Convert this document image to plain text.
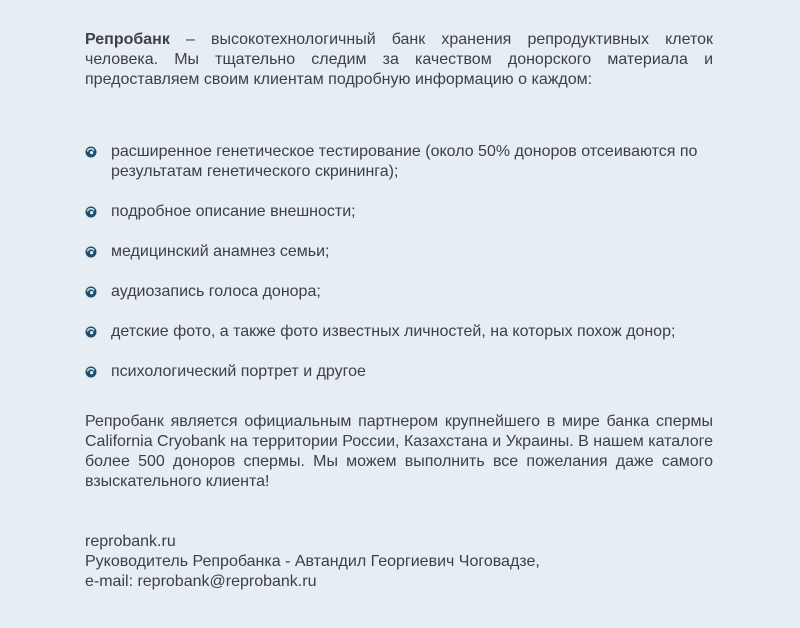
Репробанк – высокотехнологичный банк хранения репродуктивных клеток человека. Мы тщательно следим за качеством донорского материала и предоставляем своим клиентам подробную информацию о каждом:

расширенное генетическое тестирование (около 50% доноров отсеиваются по результатам генетического скрининга);
подробное описание внешности;
медицинский анамнез семьи;
аудиозапись голоса донора;
детские фото, а также фото известных личностей, на которых похож донор;
психологический портрет и другое

Репробанк является официальным партнером крупнейшего в мире банка спермы California Cryobank на территории России, Казахстана и Украины. В нашем каталоге более 500 доноров спермы. Мы можем выполнить все пожелания даже самого взыскательного клиента!

reprobank.ru
Руководитель Репробанка - Автандил Георгиевич Чоговадзе,
e-mail: reprobank@reprobank.ru
